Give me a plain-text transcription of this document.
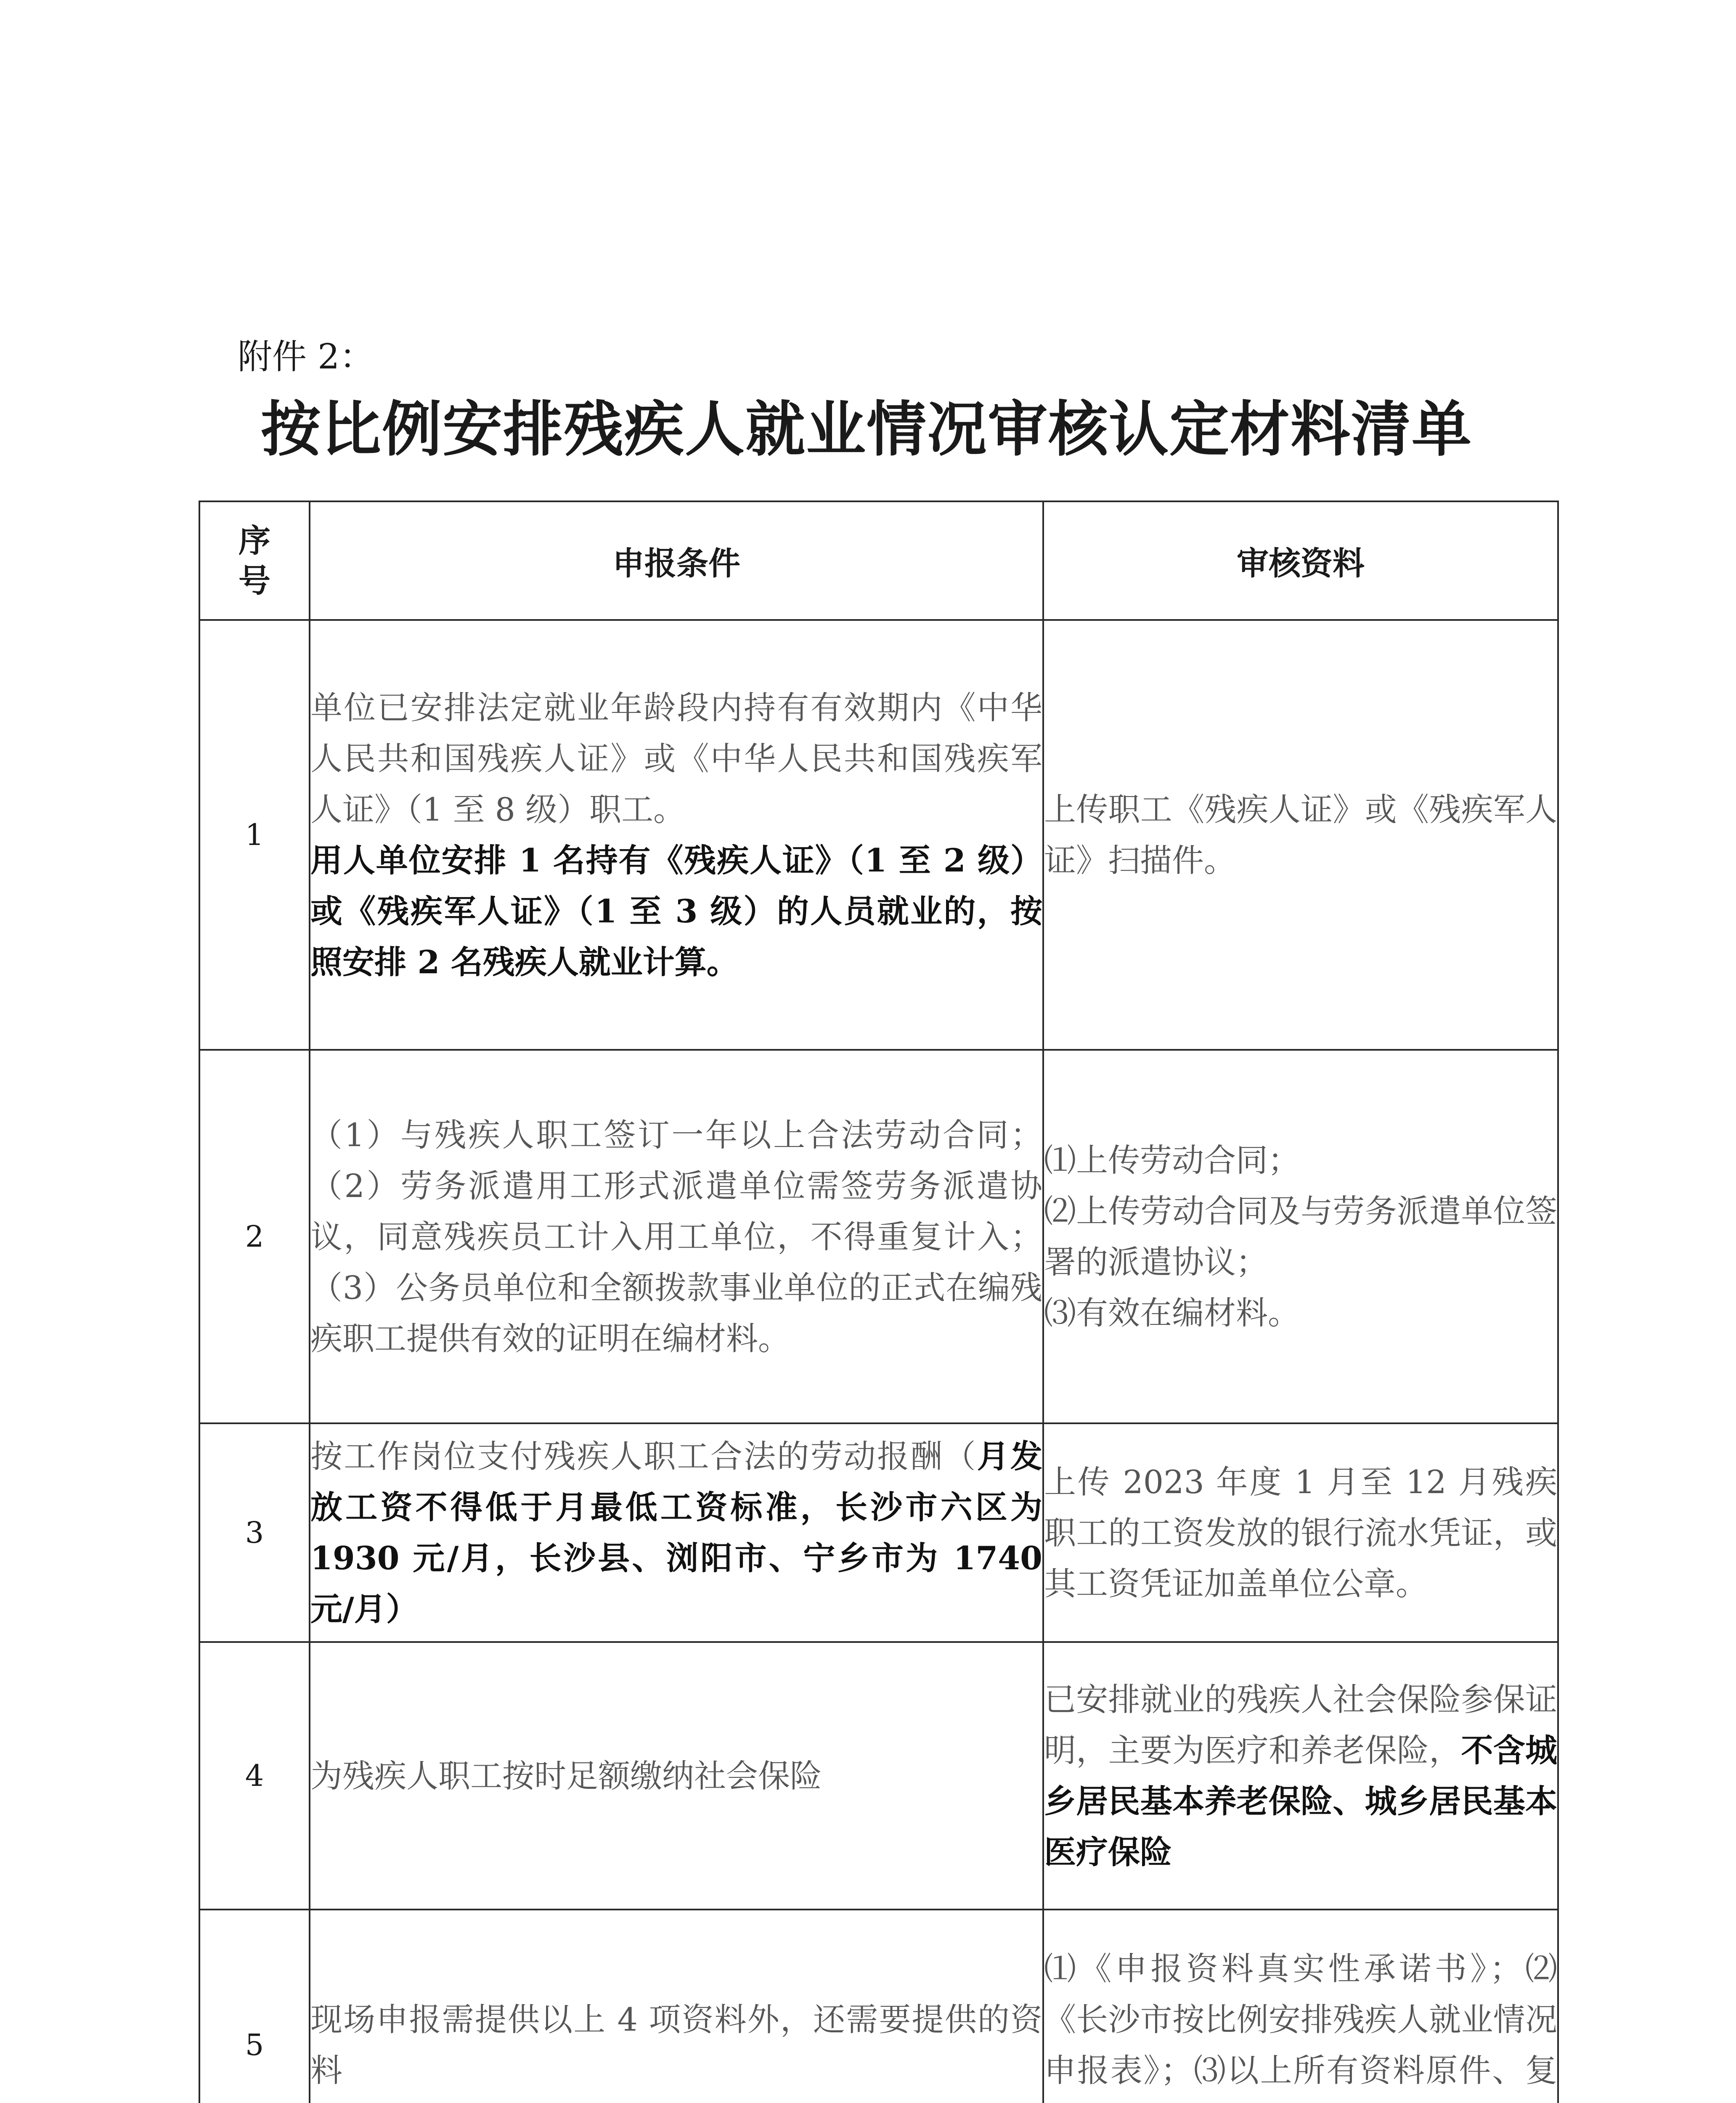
附件 2：
按比例安排残疾人就业情况审核认定材料清单
序
号	申报条件	审核资料
1	单位已安排法定就业年龄段内持有有效期内《中华人民共和国残疾人证》或《中华人民共和国残疾军人证》（1 至 8 级）职工。
用人单位安排 1 名持有《残疾人证》（1 至 2 级）或《残疾军人证》（1 至 3 级）的人员就业的，按照安排 2 名残疾人就业计算。	上传职工《残疾人证》或《残疾军人证》扫描件。
2	（1）与残疾人职工签订一年以上合法劳动合同；（2）劳务派遣用工形式派遣单位需签劳务派遣协议，同意残疾员工计入用工单位，不得重复计入；（3）公务员单位和全额拨款事业单位的正式在编残疾职工提供有效的证明在编材料。	⑴上传劳动合同；
⑵上传劳动合同及与劳务派遣单位签署的派遣协议；
⑶有效在编材料。

3	按工作岗位支付残疾人职工合法的劳动报酬（月发放工资不得低于月最低工资标准，长沙市六区为 1930 元/月，长沙县、浏阳市、宁乡市为 1740 元/月）	上传 2023 年度 1 月至 12 月残疾职工的工资发放的银行流水凭证，或其工资凭证加盖单位公章。
4	为残疾人职工按时足额缴纳社会保险	已安排就业的残疾人社会保险参保证明，主要为医疗和养老保险，不含城乡居民基本养老保险、城乡居民基本医疗保险
5	现场申报需提供以上 4 项资料外，还需要提供的资料	⑴《申报资料真实性承诺书》；⑵《长沙市按比例安排残疾人就业情况申报表》；⑶以上所有资料原件、复
